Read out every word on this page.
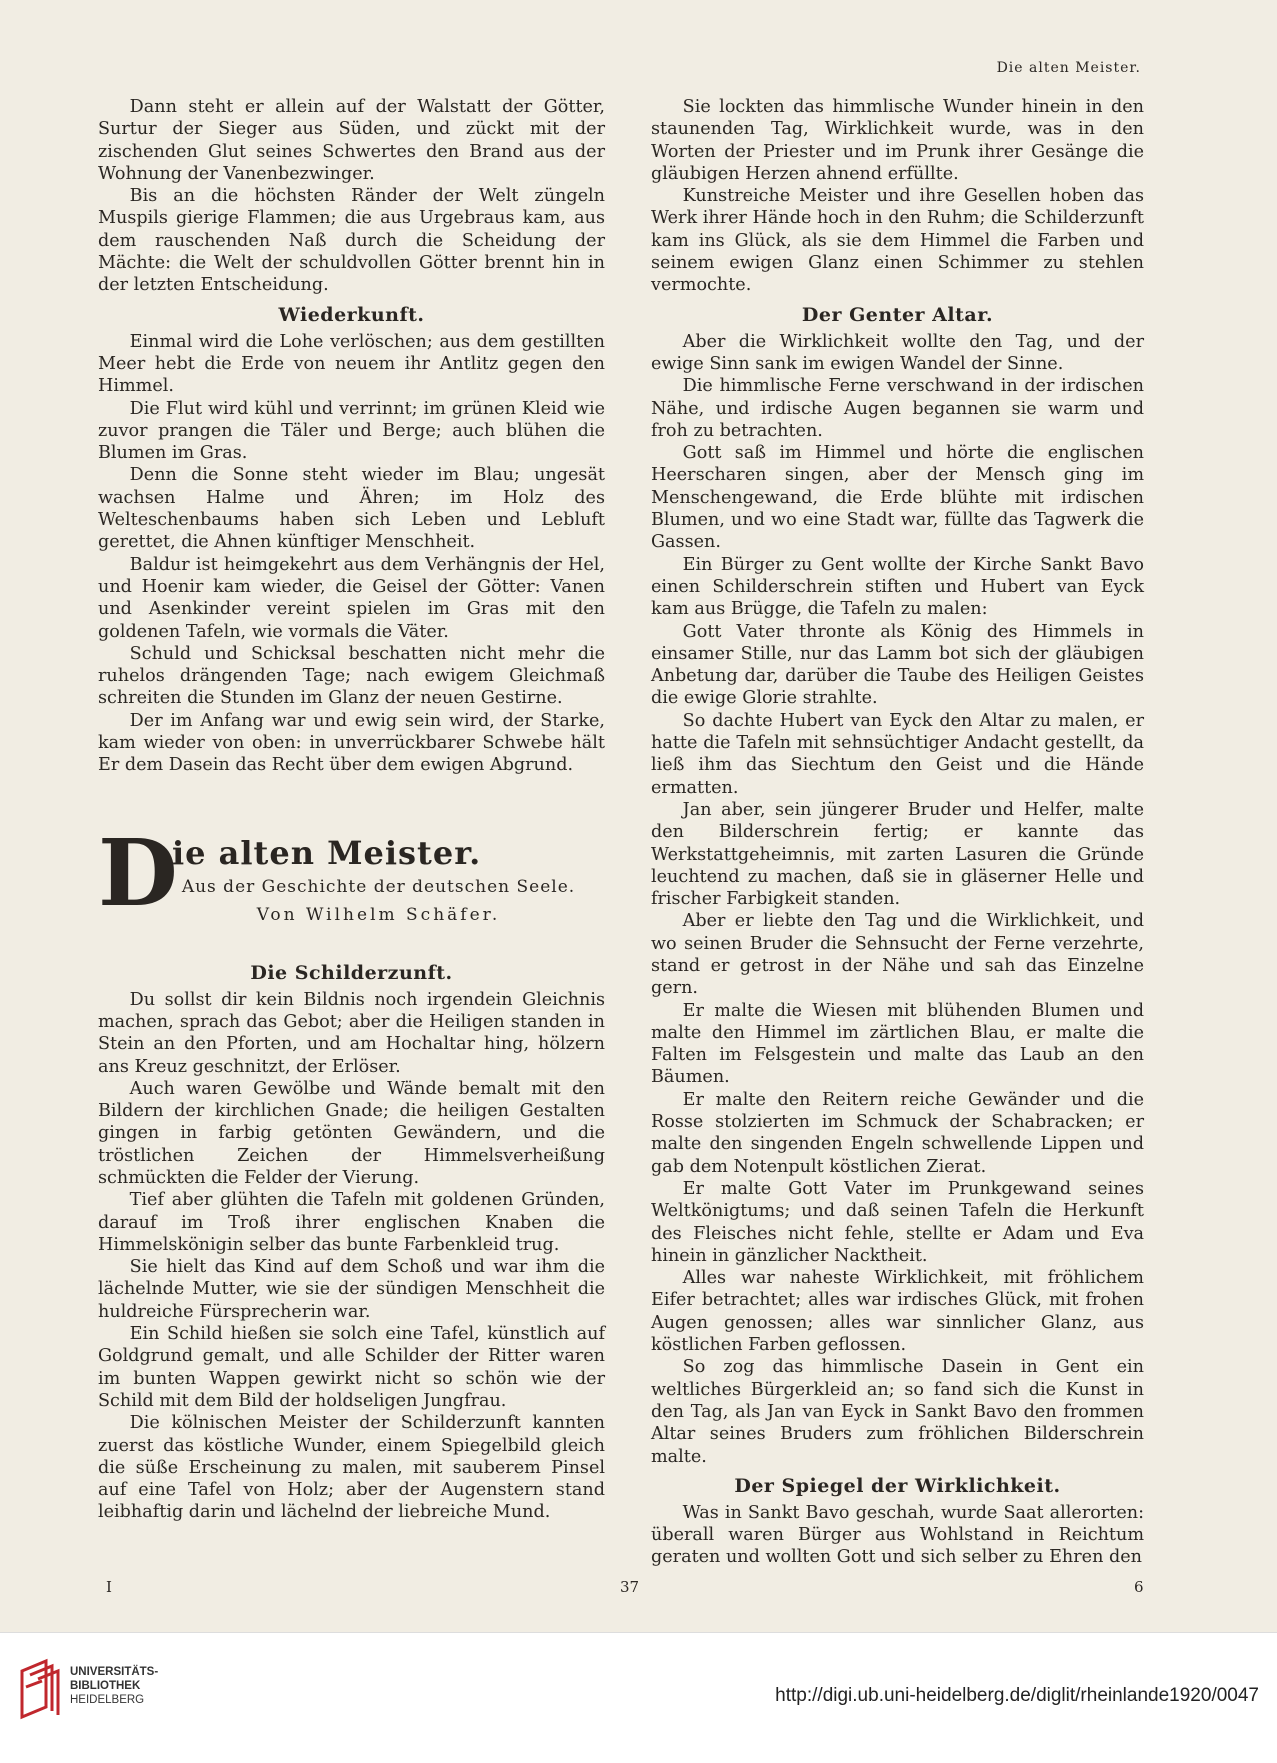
Die alten Meister.

Dann steht er allein auf der Walstatt der Götter, Surtur der Sieger aus Süden, und zückt mit der zischenden Glut seines Schwertes den Brand aus der Wohnung der Vanenbezwinger.

Bis an die höchsten Ränder der Welt züngeln Muspils gierige Flammen; die aus Urgebraus kam, aus dem rauschenden Naß durch die Scheidung der Mächte: die Welt der schuldvollen Götter brennt hin in der letzten Entscheidung.

Wiederkunft.

Einmal wird die Lohe verlöschen; aus dem gestillten Meer hebt die Erde von neuem ihr Antlitz gegen den Himmel.

Die Flut wird kühl und verrinnt; im grünen Kleid wie zuvor prangen die Täler und Berge; auch blühen die Blumen im Gras.

Denn die Sonne steht wieder im Blau; ungesät wachsen Halme und Ähren; im Holz des Welteschenbaums haben sich Leben und Lebluft gerettet, die Ahnen künftiger Menschheit.

Baldur ist heimgekehrt aus dem Verhängnis der Hel, und Hoenir kam wieder, die Geisel der Götter: Vanen und Asenkinder vereint spielen im Gras mit den goldenen Tafeln, wie vormals die Väter.

Schuld und Schicksal beschatten nicht mehr die ruhelos drängenden Tage; nach ewigem Gleichmaß schreiten die Stunden im Glanz der neuen Gestirne.

Der im Anfang war und ewig sein wird, der Starke, kam wieder von oben: in unverrückbarer Schwebe hält Er dem Dasein das Recht über dem ewigen Abgrund.

D
ie alten Meister.
Aus der Geschichte der deutschen Seele.
Von Wilhelm Schäfer.
Die Schilderzunft.

Du sollst dir kein Bildnis noch irgendein Gleichnis machen, sprach das Gebot; aber die Heiligen standen in Stein an den Pforten, und am Hochaltar hing, hölzern ans Kreuz geschnitzt, der Erlöser.

Auch waren Gewölbe und Wände bemalt mit den Bildern der kirchlichen Gnade; die heiligen Gestalten gingen in farbig getönten Gewändern, und die tröstlichen Zeichen der Himmelsverheißung schmückten die Felder der Vierung.

Tief aber glühten die Tafeln mit goldenen Gründen, darauf im Troß ihrer englischen Knaben die Himmelskönigin selber das bunte Farbenkleid trug.

Sie hielt das Kind auf dem Schoß und war ihm die lächelnde Mutter, wie sie der sündigen Menschheit die huldreiche Fürsprecherin war.

Ein Schild hießen sie solch eine Tafel, künstlich auf Goldgrund gemalt, und alle Schilder der Ritter waren im bunten Wappen gewirkt nicht so schön wie der Schild mit dem Bild der holdseligen Jungfrau.

Die kölnischen Meister der Schilderzunft kannten zuerst das köstliche Wunder, einem Spiegelbild gleich die süße Erscheinung zu malen, mit sauberem Pinsel auf eine Tafel von Holz; aber der Augenstern stand leibhaftig darin und lächelnd der liebreiche Mund.

Sie lockten das himmlische Wunder hinein in den staunenden Tag, Wirklichkeit wurde, was in den Worten der Priester und im Prunk ihrer Gesänge die gläubigen Herzen ahnend erfüllte.

Kunstreiche Meister und ihre Gesellen hoben das Werk ihrer Hände hoch in den Ruhm; die Schilderzunft kam ins Glück, als sie dem Himmel die Farben und seinem ewigen Glanz einen Schimmer zu stehlen vermochte.

Der Genter Altar.

Aber die Wirklichkeit wollte den Tag, und der ewige Sinn sank im ewigen Wandel der Sinne.

Die himmlische Ferne verschwand in der irdischen Nähe, und irdische Augen begannen sie warm und froh zu betrachten.

Gott saß im Himmel und hörte die englischen Heerscharen singen, aber der Mensch ging im Menschengewand, die Erde blühte mit irdischen Blumen, und wo eine Stadt war, füllte das Tagwerk die Gassen.

Ein Bürger zu Gent wollte der Kirche Sankt Bavo einen Schilderschrein stiften und Hubert van Eyck kam aus Brügge, die Tafeln zu malen:

Gott Vater thronte als König des Himmels in einsamer Stille, nur das Lamm bot sich der gläubigen Anbetung dar, darüber die Taube des Heiligen Geistes die ewige Glorie strahlte.

So dachte Hubert van Eyck den Altar zu malen, er hatte die Tafeln mit sehnsüchtiger Andacht gestellt, da ließ ihm das Siechtum den Geist und die Hände ermatten.

Jan aber, sein jüngerer Bruder und Helfer, malte den Bilderschrein fertig; er kannte das Werkstattgeheimnis, mit zarten Lasuren die Gründe leuchtend zu machen, daß sie in gläserner Helle und frischer Farbigkeit standen.

Aber er liebte den Tag und die Wirklichkeit, und wo seinen Bruder die Sehnsucht der Ferne verzehrte, stand er getrost in der Nähe und sah das Einzelne gern.

Er malte die Wiesen mit blühenden Blumen und malte den Himmel im zärtlichen Blau, er malte die Falten im Felsgestein und malte das Laub an den Bäumen.

Er malte den Reitern reiche Gewänder und die Rosse stolzierten im Schmuck der Schabracken; er malte den singenden Engeln schwellende Lippen und gab dem Notenpult köstlichen Zierat.

Er malte Gott Vater im Prunkgewand seines Weltkönigtums; und daß seinen Tafeln die Herkunft des Fleisches nicht fehle, stellte er Adam und Eva hinein in gänzlicher Nacktheit.

Alles war naheste Wirklichkeit, mit fröhlichem Eifer betrachtet; alles war irdisches Glück, mit frohen Augen genossen; alles war sinnlicher Glanz, aus köstlichen Farben geflossen.

So zog das himmlische Dasein in Gent ein weltliches Bürgerkleid an; so fand sich die Kunst in den Tag, als Jan van Eyck in Sankt Bavo den frommen Altar seines Bruders zum fröhlichen Bilderschrein malte.

Der Spiegel der Wirklichkeit.

Was in Sankt Bavo geschah, wurde Saat allerorten: überall waren Bürger aus Wohlstand in Reichtum geraten und wollten Gott und sich selber zu Ehren den

I	37	6
UNIVERSITÄTS-
BIBLIOTHEK
HEIDELBERG	http://digi.ub.uni-heidelberg.de/diglit/rheinlande1920/0047
